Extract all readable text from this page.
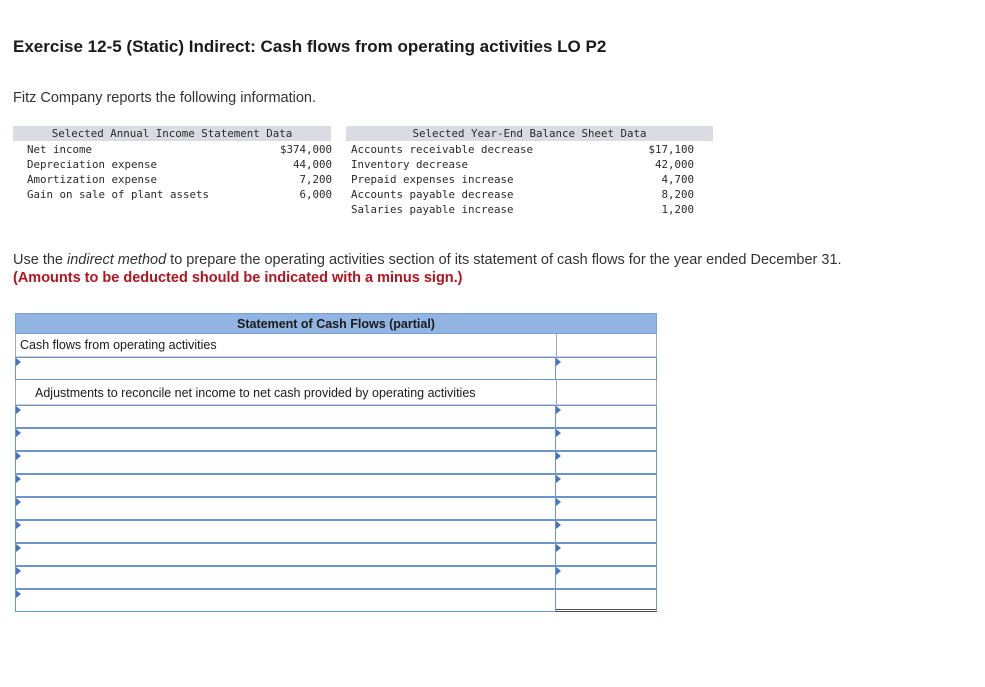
Exercise 12-5 (Static) Indirect: Cash flows from operating activities LO P2
Fitz Company reports the following information.
Selected Annual Income Statement Data	Selected Year-End Balance Sheet Data
Net income	$374,000
Depreciation expense	44,000
Amortization expense	7,200
Gain on sale of plant assets	6,000
Accounts receivable decrease	$17,100
Inventory decrease	42,000
Prepaid expenses increase	4,700
Accounts payable decrease	8,200
Salaries payable increase	1,200
Use the indirect method to prepare the operating activities section of its statement of cash flows for the year ended December 31.
(Amounts to be deducted should be indicated with a minus sign.)
Statement of Cash Flows (partial)
Cash flows from operating activities
Adjustments to reconcile net income to net cash provided by operating activities
